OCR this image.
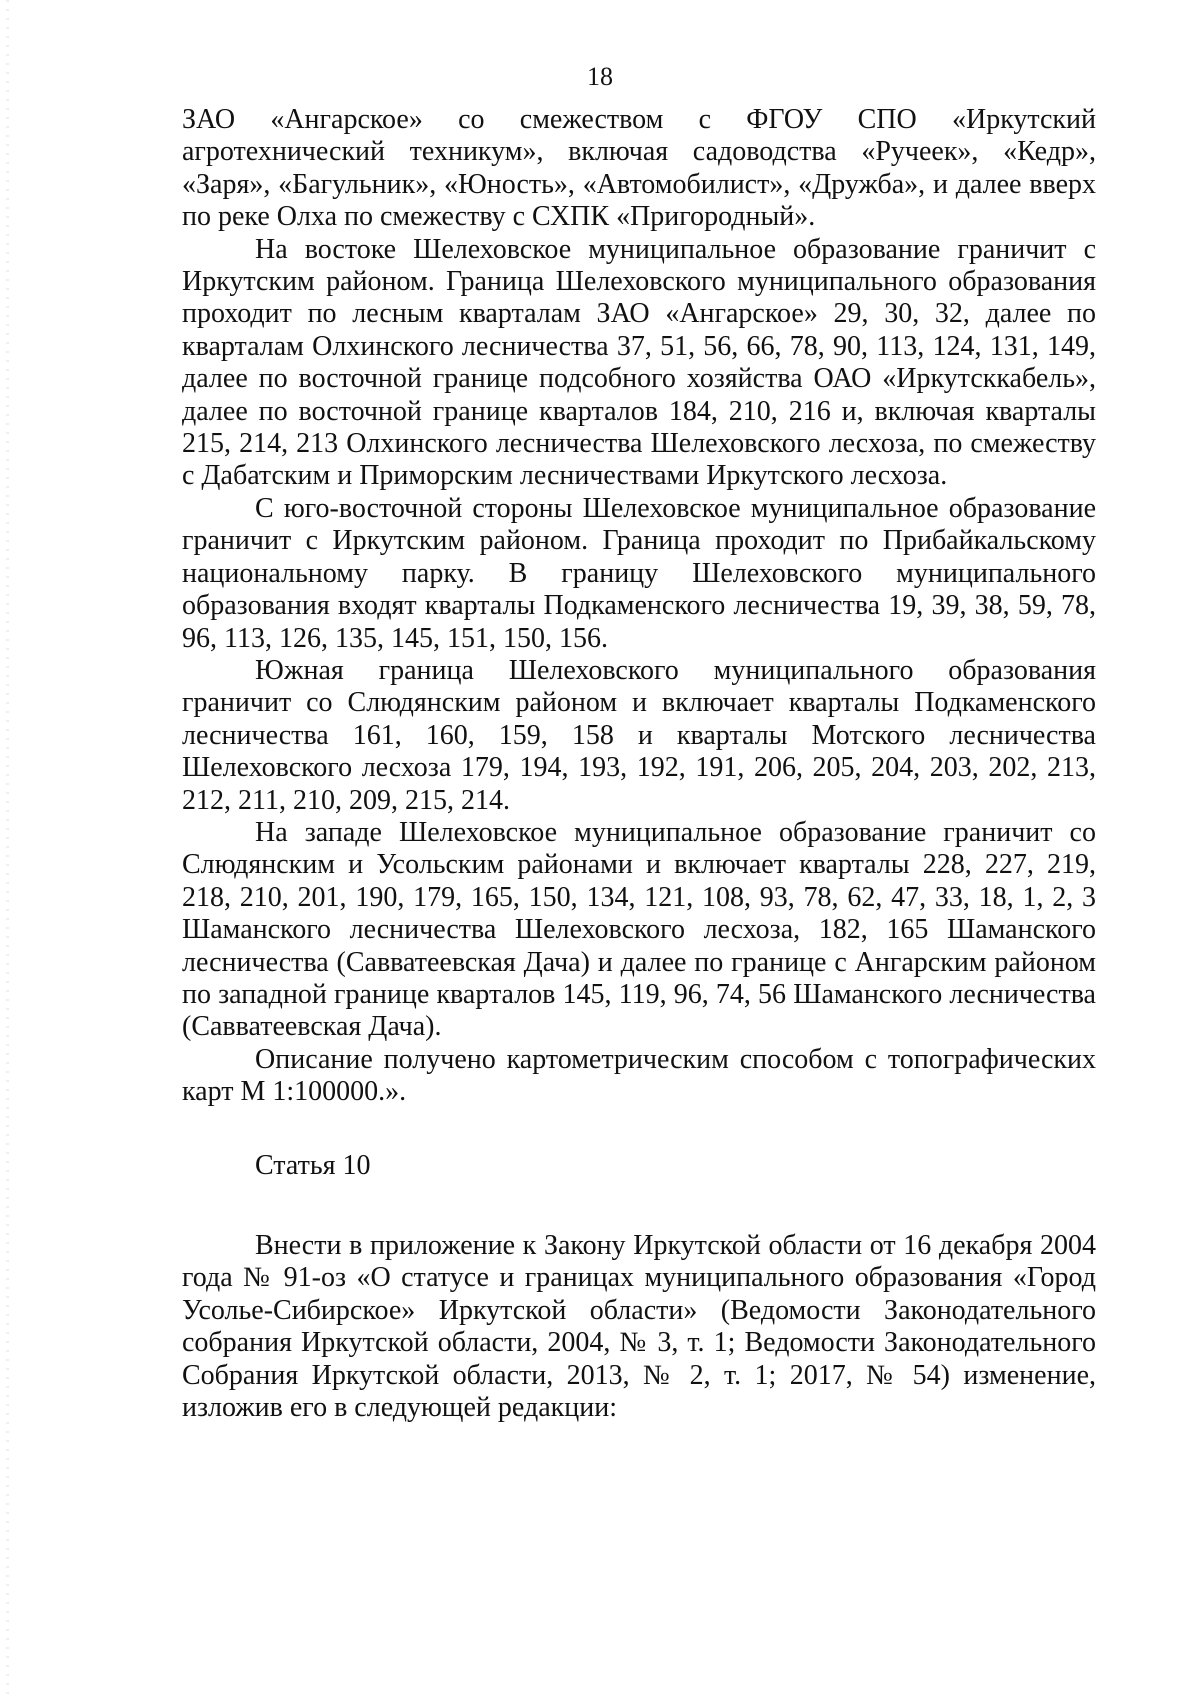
18

ЗАО «Ангарское» со смежеством с ФГОУ СПО «Иркутский агротехнический техникум», включая садоводства «Ручеек», «Кедр», «Заря», «Багульник», «Юность», «Автомобилист», «Дружба», и далее вверх по реке Олха по смежеству с СХПК «Пригородный».

На востоке Шелеховское муниципальное образование граничит с Иркутским районом. Граница Шелеховского муниципального образования проходит по лесным кварталам ЗАО «Ангарское» 29, 30, 32, далее по кварталам Олхинского лесничества 37, 51, 56, 66, 78, 90, 113, 124, 131, 149, далее по восточной границе подсобного хозяйства ОАО «Иркутсккабель», далее по восточной границе кварталов 184, 210, 216 и, включая кварталы 215, 214, 213 Олхинского лесничества Шелеховского лесхоза, по смежеству с Дабатским и Приморским лесничествами Иркутского лесхоза.

С юго-восточной стороны Шелеховское муниципальное образование граничит с Иркутским районом. Граница проходит по Прибайкальскому национальному парку. В границу Шелеховского муниципального образования входят кварталы Подкаменского лесничества 19, 39, 38, 59, 78, 96, 113, 126, 135, 145, 151, 150, 156.

Южная граница Шелеховского муниципального образования граничит со Слюдянским районом и включает кварталы Подкаменского лесничества 161, 160, 159, 158 и кварталы Мотского лесничества Шелеховского лесхоза 179, 194, 193, 192, 191, 206, 205, 204, 203, 202, 213, 212, 211, 210, 209, 215, 214.

На западе Шелеховское муниципальное образование граничит со Слюдянским и Усольским районами и включает кварталы 228, 227, 219, 218, 210, 201, 190, 179, 165, 150, 134, 121, 108, 93, 78, 62, 47, 33, 18, 1, 2, 3 Шаманского лесничества Шелеховского лесхоза, 182, 165 Шаманского лесничества (Савватеевская Дача) и далее по границе с Ангарским районом по западной границе кварталов 145, 119, 96, 74, 56 Шаманского лесничества (Савватеевская Дача).

Описание получено картометрическим способом с топографических карт М 1:100000.».

Статья 10

Внести в приложение к Закону Иркутской области от 16 декабря 2004 года № 91-оз «О статусе и границах муниципального образования «Город Усолье-Сибирское» Иркутской области» (Ведомости Законодательного собрания Иркутской области, 2004, № 3, т. 1; Ведомости Законодательного Собрания Иркутской области, 2013, № 2, т. 1; 2017, № 54) изменение, изложив его в следующей редакции:
